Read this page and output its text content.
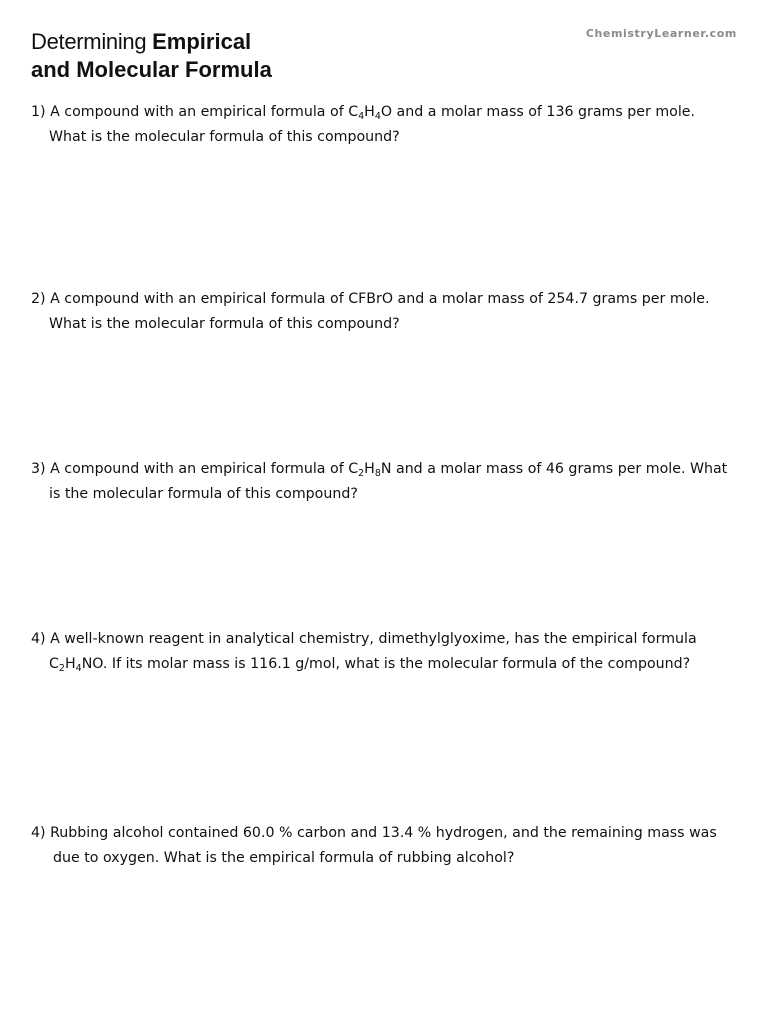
ChemistryLearner.com
Determining Empirical
and Molecular Formula
1) A compound with an empirical formula of $C_4H_4O$ and a molar mass of 136 grams per mole.
What is the molecular formula of this compound?
2) A compound with an empirical formula of CFBrO and a molar mass of 254.7 grams per mole.
What is the molecular formula of this compound?
3) A compound with an empirical formula of $C_2H_8N$ and a molar mass of 46 grams per mole. What
is the molecular formula of this compound?
4) A well-known reagent in analytical chemistry, dimethylglyoxime, has the empirical formula
$C_2H_4NO$. If its molar mass is 116.1 g/mol, what is the molecular formula of the compound?
4) Rubbing alcohol contained 60.0 % carbon and 13.4 % hydrogen, and the remaining mass was
due to oxygen. What is the empirical formula of rubbing alcohol?
